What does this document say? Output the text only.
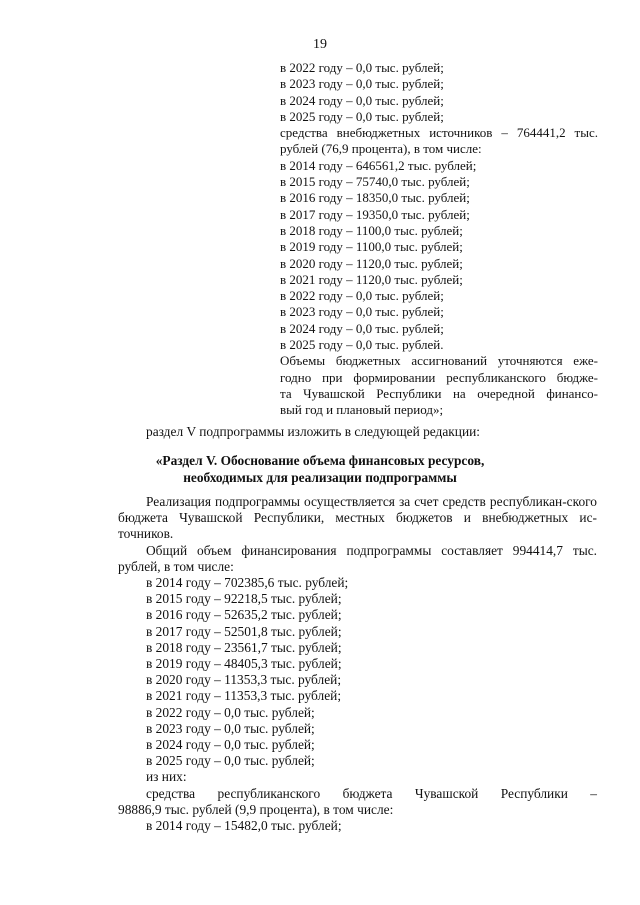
19
в 2022 году – 0,0 тыс. рублей;
в 2023 году – 0,0 тыс. рублей;
в 2024 году – 0,0 тыс. рублей;
в 2025 году – 0,0 тыс. рублей;
средства внебюджетных источников – 764441,2 тыс.
рублей (76,9 процента), в том числе:
в 2014 году – 646561,2 тыс. рублей;
в 2015 году – 75740,0 тыс. рублей;
в 2016 году – 18350,0 тыс. рублей;
в 2017 году – 19350,0 тыс. рублей;
в 2018 году – 1100,0 тыс. рублей;
в 2019 году – 1100,0 тыс. рублей;
в 2020 году – 1120,0 тыс. рублей;
в 2021 году – 1120,0 тыс. рублей;
в 2022 году – 0,0 тыс. рублей;
в 2023 году – 0,0 тыс. рублей;
в 2024 году – 0,0 тыс. рублей;
в 2025 году – 0,0 тыс. рублей.
Объемы бюджетных ассигнований уточняются еже-
годно при формировании республиканского бюдже-
та Чувашской Республики на очередной финансо-
вый год и плановый период»;
раздел V подпрограммы изложить в следующей редакции:
«Раздел V. Обоснование объема финансовых ресурсов,
необходимых для реализации подпрограммы
Реализация подпрограммы осуществляется за счет средств республикан-ского бюджета Чувашской Республики, местных бюджетов и внебюджетных ис-точников.
Общий объем финансирования подпрограммы составляет 994414,7 тыс. рублей, в том числе:
в 2014 году – 702385,6 тыс. рублей;
в 2015 году – 92218,5 тыс. рублей;
в 2016 году – 52635,2 тыс. рублей;
в 2017 году – 52501,8 тыс. рублей;
в 2018 году – 23561,7 тыс. рублей;
в 2019 году – 48405,3 тыс. рублей;
в 2020 году – 11353,3 тыс. рублей;
в 2021 году – 11353,3 тыс. рублей;
в 2022 году – 0,0 тыс. рублей;
в 2023 году – 0,0 тыс. рублей;
в 2024 году – 0,0 тыс. рублей;
в 2025 году – 0,0 тыс. рублей;
из них:
средства республиканского бюджета Чувашской Республики –
98886,9 тыс. рублей (9,9 процента), в том числе:
в 2014 году – 15482,0 тыс. рублей;
